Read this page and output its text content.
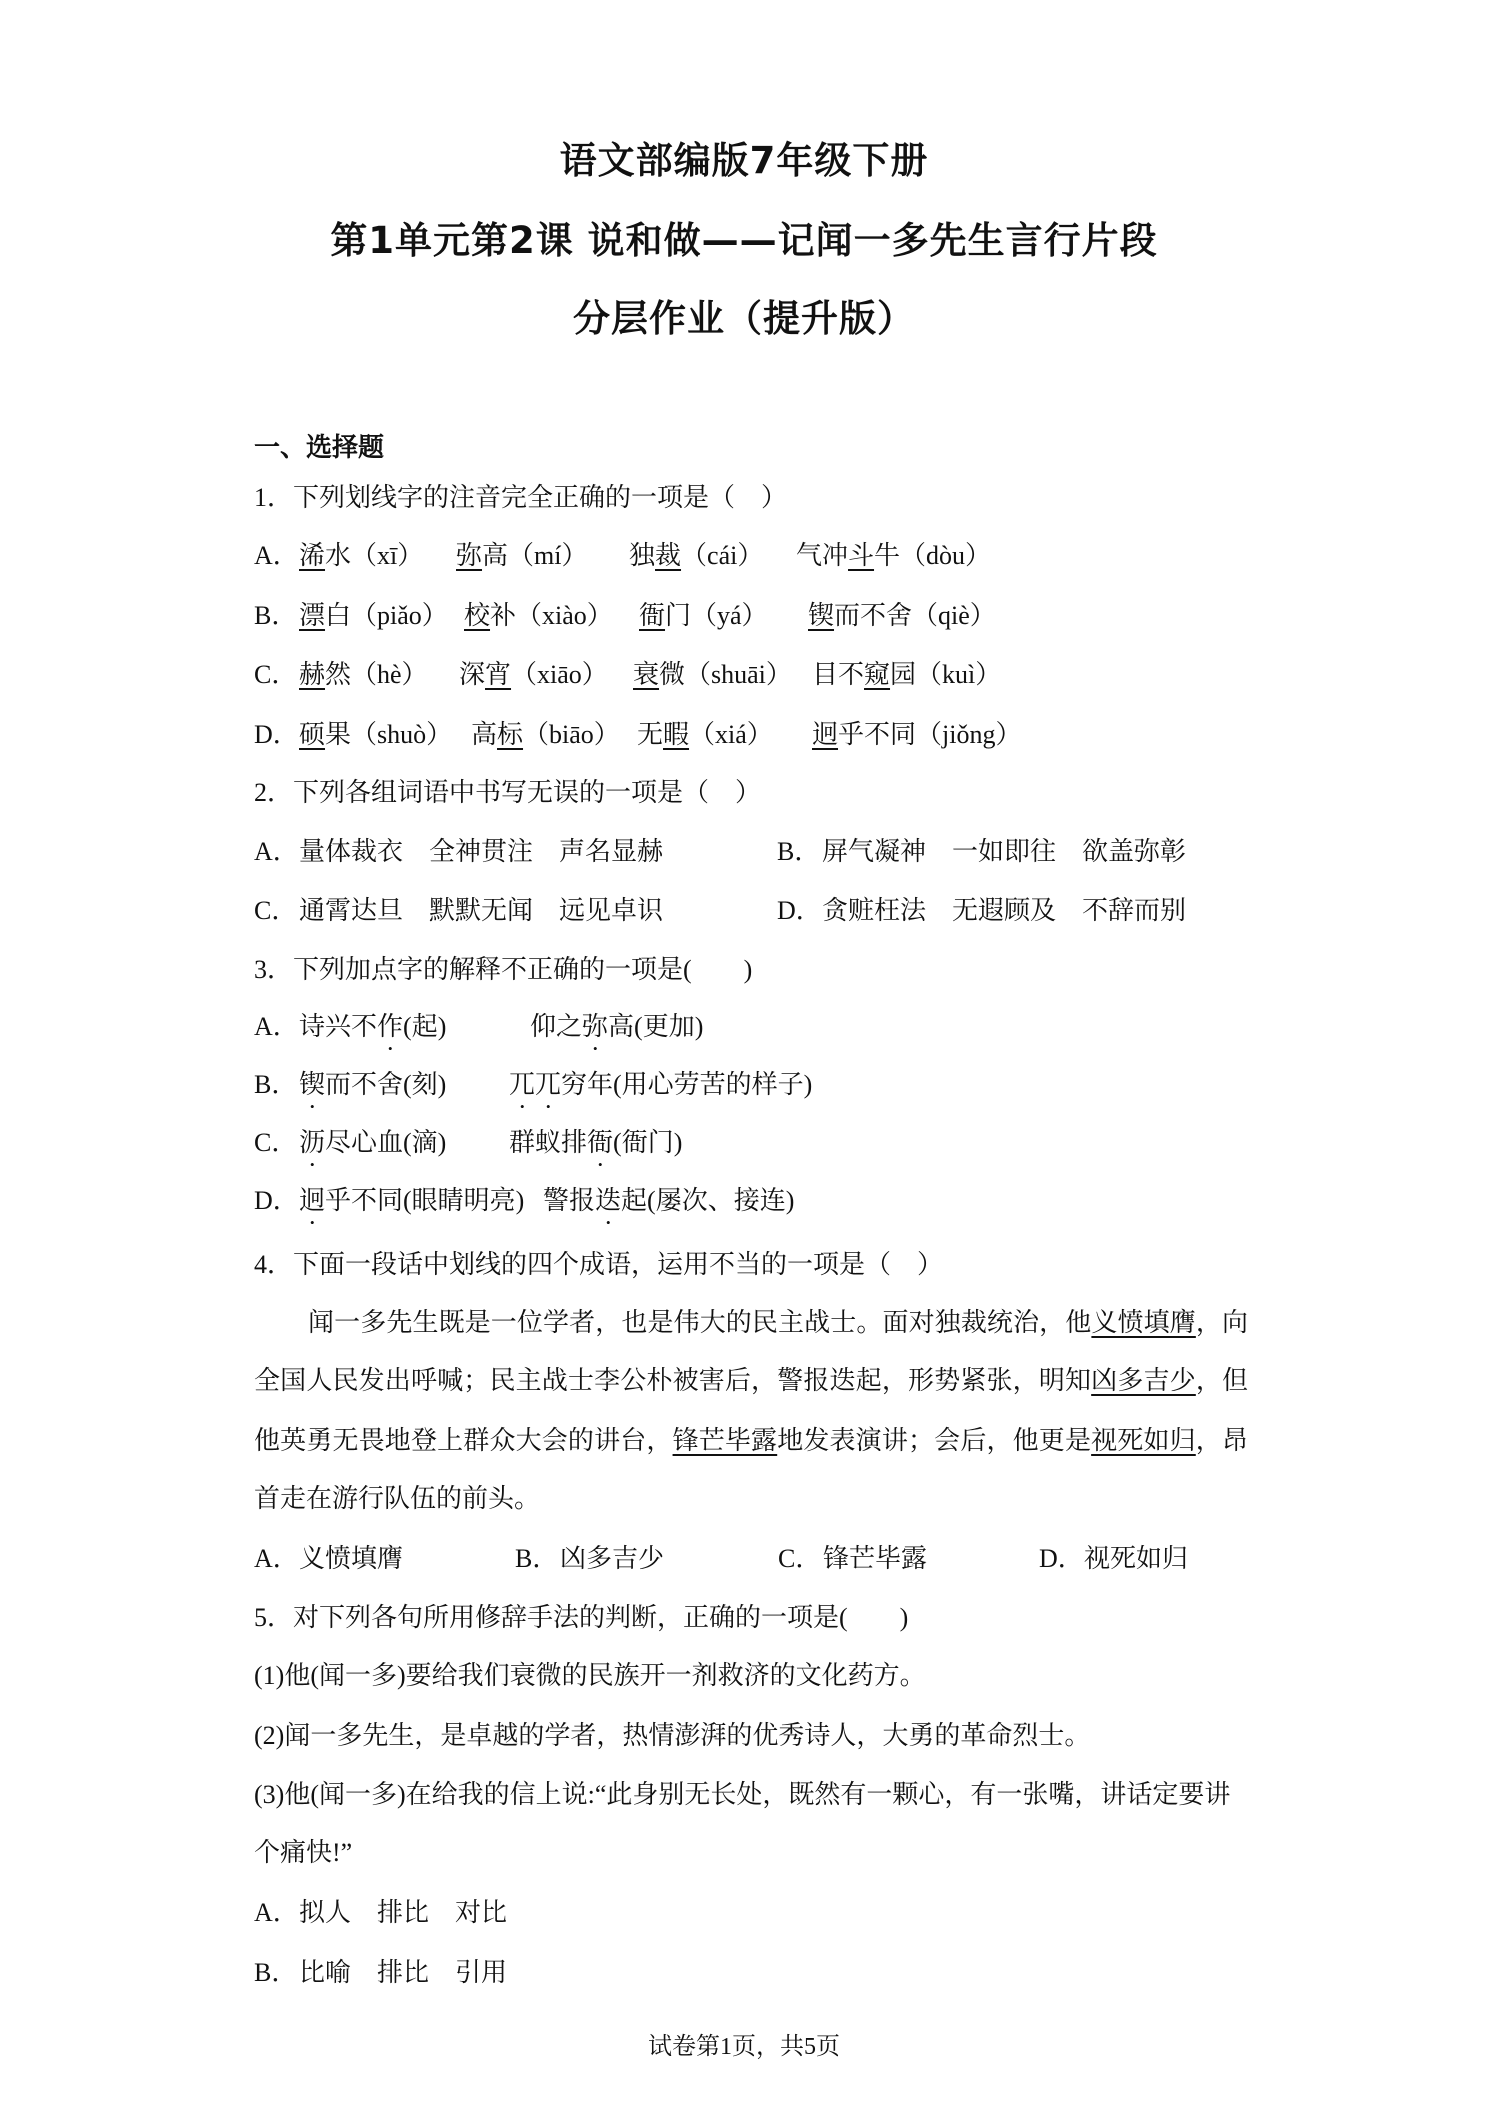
语文部编版7年级下册
第1单元第2课 说和做——记闻一多先生言行片段
分层作业（提升版）
一、选择题
1．下列划线字的注音完全正确的一项是（　）
A． 浠水（xī） 弥高（mí） 独裁（cái） 气冲斗牛（dòu）
B． 漂白（piǎo） 校补（xiào） 衙门（yá） 锲而不舍（qiè）
C． 赫然（hè） 深宵（xiāo） 衰微（shuāi） 目不窥园（kuì）
D． 硕果（shuò） 高标（biāo） 无暇（xiá） 迥乎不同（jiǒng）
2．下列各组词语中书写无误的一项是（　）
A． 量体裁衣　全神贯注　声名显赫	B． 屏气凝神　一如即往　欲盖弥彰
C． 通霄达旦　默默无闻　远见卓识	D． 贪赃枉法　无遐顾及　不辞而别
3．下列加点字的解释不正确的一项是(　　)
A． 诗兴不作(起)	仰之弥高(更加)
B． 锲而不舍(刻) 兀兀穷年(用心劳苦的样子)
C． 沥尽心血(滴) 群蚁排衙(衙门)
D． 迥乎不同(眼睛明亮) 警报迭起(屡次、接连)
4．下面一段话中划线的四个成语，运用不当的一项是（　）
闻一多先生既是一位学者，也是伟大的民主战士。面对独裁统治，他义愤填膺，向
全国人民发出呼喊；民主战士李公朴被害后，警报迭起，形势紧张，明知凶多吉少，但
他英勇无畏地登上群众大会的讲台，锋芒毕露地发表演讲；会后，他更是视死如归，昂
首走在游行队伍的前头。
A． 义愤填膺	B． 凶多吉少	C． 锋芒毕露	D． 视死如归
5．对下列各句所用修辞手法的判断，正确的一项是(　　)
(1)他(闻一多)要给我们衰微的民族开一剂救济的文化药方。
(2)闻一多先生，是卓越的学者，热情澎湃的优秀诗人，大勇的革命烈士。
(3)他(闻一多)在给我的信上说:“此身别无长处，既然有一颗心，有一张嘴，讲话定要讲
个痛快!”
A． 拟人　排比　对比
B． 比喻　排比　引用
试卷第1页，共5页
